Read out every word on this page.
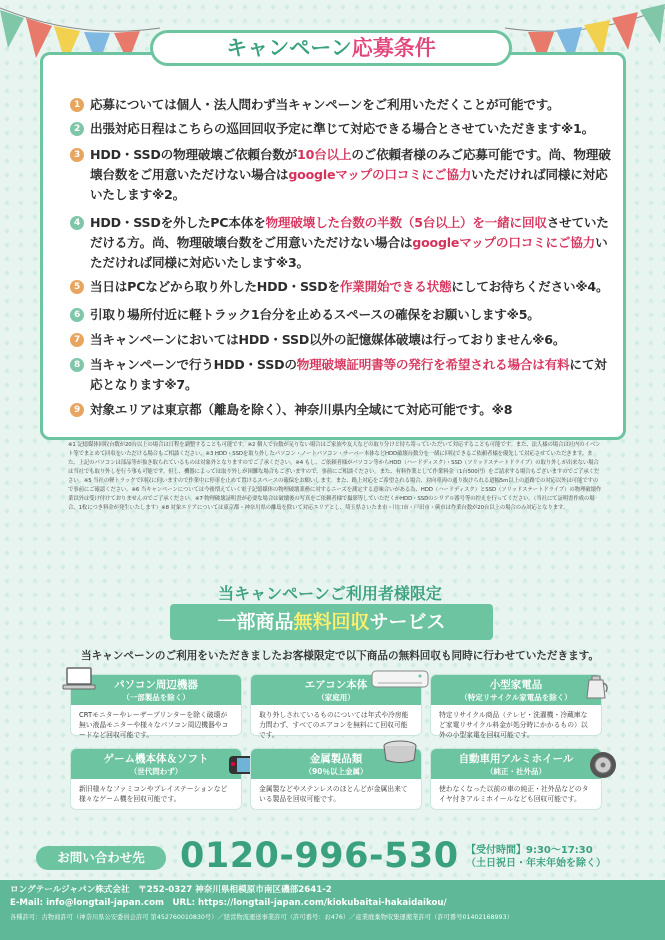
キャンペーン応募条件
1 応募については個人・法人問わず当キャンペーンをご利用いただくことが可能です。
2 出張対応日程はこちらの巡回回収予定に準じて対応できる場合とさせていただきます※1。
3 HDD・SSDの物理破壊ご依頼台数が10台以上のご依頼者様のみご応募可能です。尚、物理破壊台数をご用意いただけない場合はgoogleマップの口コミにご協力いただければ同様に対応いたします※2。
4 HDD・SSDを外したPC本体を物理破壊した台数の半数（5台以上）を一緒に回収させていただける方。尚、物理破壊台数をご用意いただけない場合はgoogleマップの口コミにご協力いただければ同様に対応いたします※3。
5 当日はPCなどから取り外したHDD・SSDを作業開始できる状態にしてお待ちください※4。
6 引取り場所付近に軽トラック1台分を止めるスペースの確保をお願いします※5。
7 当キャンペーンにおいてはHDD・SSD以外の記憶媒体破壊は行っておりません※6。
8 当キャンペーンで行うHDD・SSDの物理破壊証明書等の発行を希望される場合は有料にて対応となります※7。
9 対象エリアは東京都（離島を除く）、神奈川県内全域にて対応可能です。※8
※1 記憶媒体回収台数が20台以上の場合は日程を調整することも可能です。※2 個人で台数が足りない場合はご家族や友人などの取り分けと持ち寄っていただいて対応することも可能です。また、法人様の場合は社内のイベント等でまとめて回収をいただける場合もご相談ください。※3 HDD・SSDを取り外したパソコン・ノートパソコン・サーバー本体などHDD破壊台数分を一緒に回収できるご依頼者様を優先して対応させていただきます。また、上記のパソコンは部品等が抜き取られているものは対象外となりますのでご了承ください。※4 もし、ご依頼者様がパソコン等からHDD（ハードディスク）・SSD（ソリッドステートドライブ）の取り外しが出来ない場合は当社でも取り外しを行う事も可能です。但し、機器によっては取り外しが困難な場合もございますので、事前にご相談ください。また、有料作業として作業料金（1台500円）をご請求する場合もございますのでご了承ください。※5 当社の軽トラックで回収に伺いますので作業中に停車を止めて置けるスペースの確保をお願いします。また、路上対応をご希望される場合、対向車両の通り抜けられる道幅5m以上の道路での対応以外は可能ですので事前にご確認ください。※6 当キャンペーンについては今後増えていく電子記憶媒体の物理破壊業務に対するニーズを測定する意味合いがある為、HDD（ハードディスク）とSSD（ソリッドステートドライブ）の物理破壊作業以外は受け付けておりませんのでご了承ください。※7 物理破壊証明書が必要な場合は破壊後の写真をご依頼者様で撮影等していただくかHDD・SSDのシリアル番号等の控えを行ってください。（当社にて証明書作成の場合、1枚につき料金が発生いたします）※8 対象エリアについては東京都・神奈川県の離島を除いて対応エリアとし、埼玉県さいたま市・川口市・戸田市・蕨市は作業台数が20台以上の場合のみ対応となります。
当キャンペーンご利用者様限定
一部商品無料回収サービス
当キャンペーンのご利用をいただきましたお客様限定で以下商品の無料回収も同時に行わせていただきます。
パソコン周辺機器
（一部製品を除く）
CRTモニターやレーザープリンターを除く破壊が無い液晶モニターや様々なパソコン周辺機器やコードなど回収可能です。
エアコン本体
（家庭用）
取り外しされているものについては年式や冷房能力問わず、すべてのエアコンを無料にて回収可能です。
小型家電品
（特定リサイクル家電品を除く）
特定リサイクル商品（テレビ・洗濯機・冷蔵庫など家電リサイクル料金が処分時にかかるもの）以外の小型家電を回収可能です。
ゲーム機本体＆ソフト
（世代問わず）
新旧様々なファミコンやプレイステーションなど様々なゲーム機を回収可能です。
金属製品類
（90％以上金属）
金属製などやステンレスのほとんどが金属出来ている製品を回収可能です。
自動車用アルミホイール
（純正・社外品）
使わなくなった以前の車の純正・社外品などのタイヤ付きアルミホイールなども回収可能です。
お問い合わせ先	0120-996-530 【受付時間】9:30～17:30
（土日祝日・年末年始を除く）
ロングテールジャパン株式会社　〒252-0327 神奈川県相模原市南区磯部2641-2
E-Mail: info@longtail-japan.com　URL: https://longtail-japan.com/kiokubaitai-hakaidaikou/
各種許可：古物商許可（神奈川県公安委員会許可 第452760010830号）／経営物流運送事業許可（許可番号：お476）／産業廃棄物収集運搬業許可（許可番号01402168993）
